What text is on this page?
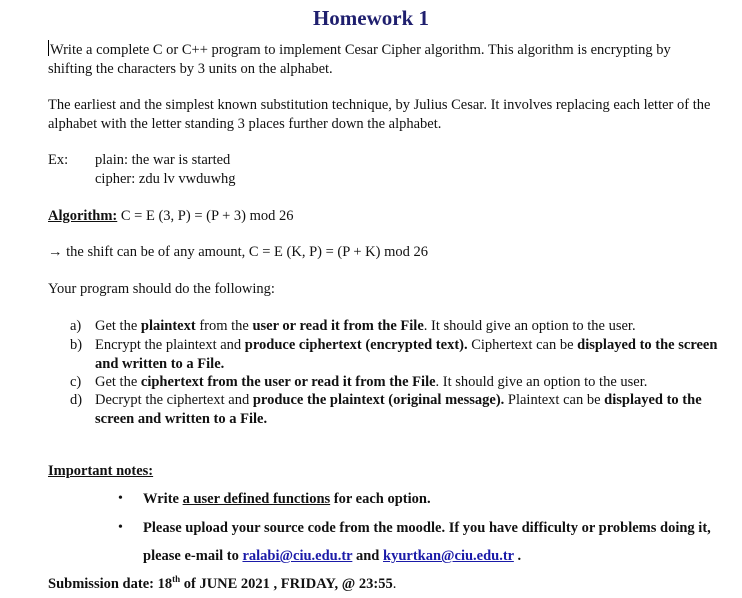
Homework 1
Write a complete C or C++ program to implement Cesar Cipher algorithm. This algorithm is encrypting by shifting the characters by 3 units on the alphabet.
The earliest and the simplest known substitution technique, by Julius Cesar. It involves replacing each letter of the alphabet with the letter standing 3 places further down the alphabet.
Ex: plain: the war is started
cipher: zdu lv vwduwhg
Algorithm: C = E (3, P) = (P + 3) mod 26
→ the shift can be of any amount, C = E (K, P) = (P + K) mod 26
Your program should do the following:
a) Get the plaintext from the user or read it from the File. It should give an option to the user.
b) Encrypt the plaintext and produce ciphertext (encrypted text). Ciphertext can be displayed to the screen and written to a File.
c) Get the ciphertext from the user or read it from the File. It should give an option to the user.
d) Decrypt the ciphertext and produce the plaintext (original message). Plaintext can be displayed to the screen and written to a File.
Important notes:
• Write a user defined functions for each option.
• Please upload your source code from the moodle. If you have difficulty or problems doing it, please e-mail to ralabi@ciu.edu.tr and kyurtkan@ciu.edu.tr .
Submission date: 18th of JUNE 2021 , FRIDAY, @ 23:55.
